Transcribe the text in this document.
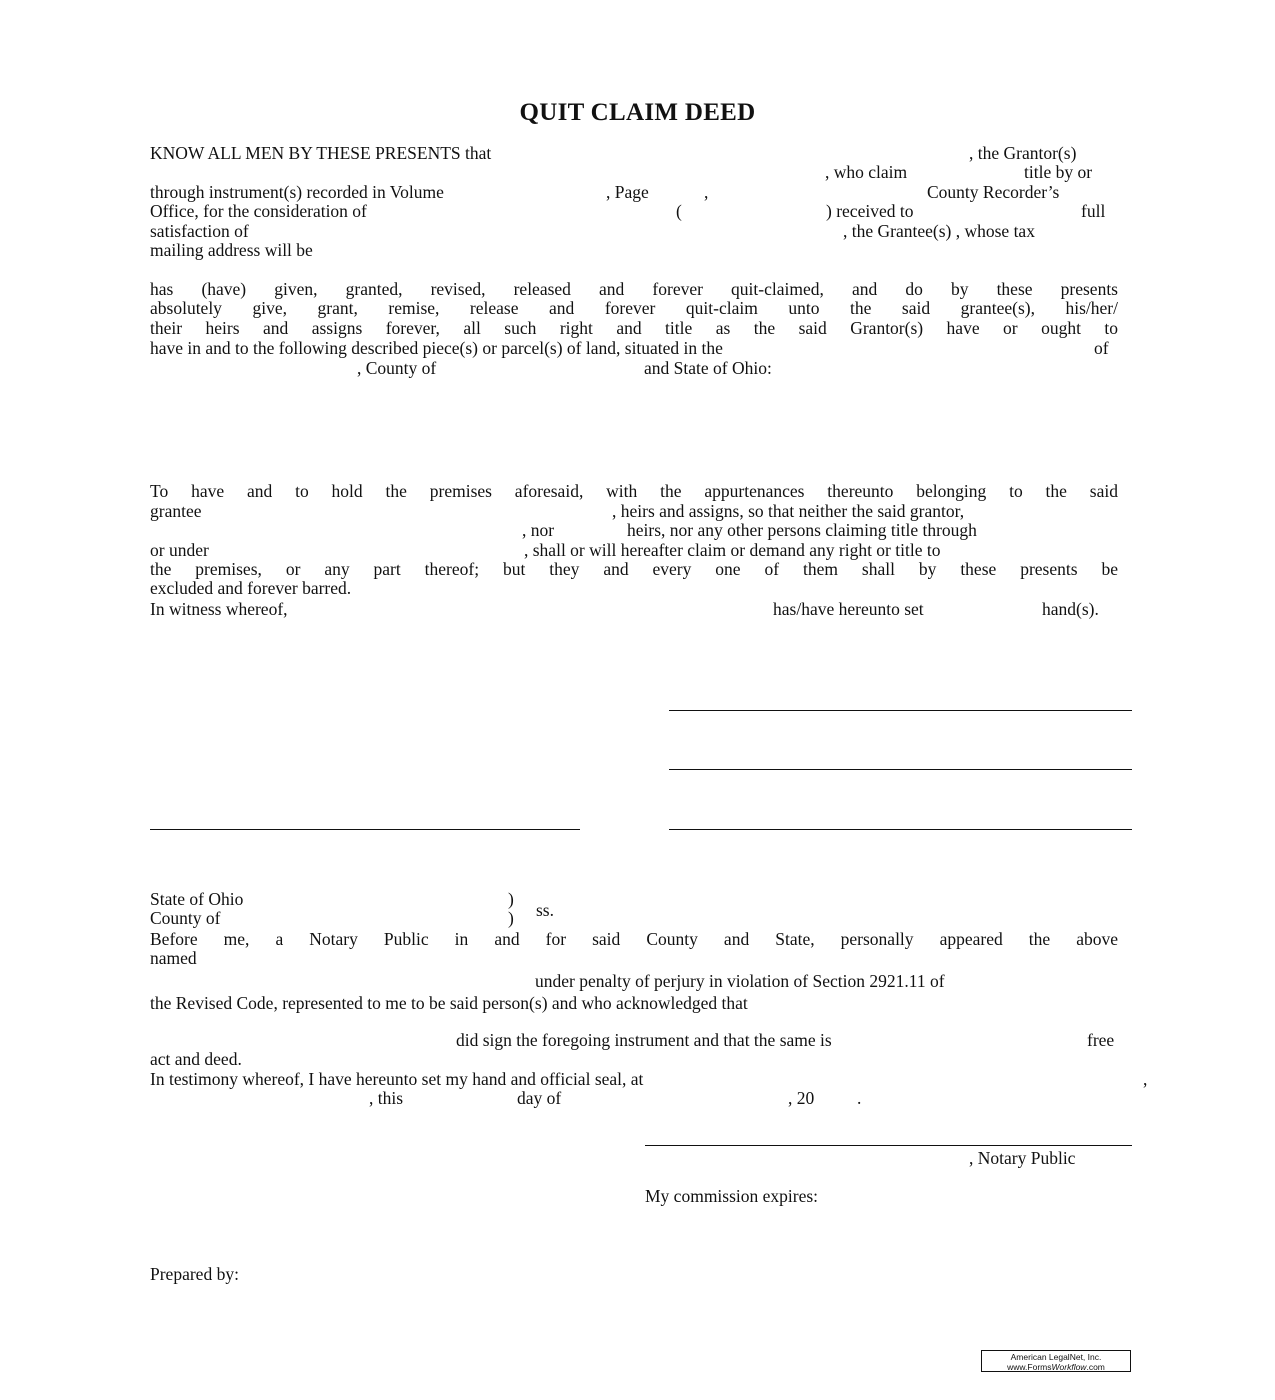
QUIT CLAIM DEED
KNOW ALL MEN BY THESE PRESENTS that	, the Grantor(s)
, who claim	title by or
through instrument(s) recorded in Volume	, Page	,	County Recorder’s
Office, for the consideration of	(	) received to	full
satisfaction of	, the Grantee(s) , whose tax
mailing address will be
has (have) given, granted, revised, released and forever quit-claimed, and do by these presents
absolutely give, grant, remise, release and forever quit-claim unto the said grantee(s), his/her/
their heirs and assigns forever, all such right and title as the said Grantor(s) have or ought to
have in and to the following described piece(s) or parcel(s) of land, situated in the	of
, County of	and State of Ohio:
To have and to hold the premises aforesaid, with the appurtenances thereunto belonging to the said
grantee	, heirs and assigns, so that neither the said grantor,
, nor	heirs, nor any other persons claiming title through
or under	, shall or will hereafter claim or demand any right or title to
the premises, or any part thereof; but they and every one of them shall by these presents be
excluded and forever barred.
In witness whereof,	has/have hereunto set	hand(s).
State of Ohio	)
ss.
County of	)
Before me, a Notary Public in and for said County and State, personally appeared the above
named
under penalty of perjury in violation of Section 2921.11 of
the Revised Code, represented to me to be said person(s) and who acknowledged that
did sign the foregoing instrument and that the same is	free
act and deed.
In testimony whereof, I have hereunto set my hand and official seal, at	,
, this	day of	, 20 .
, Notary Public
My commission expires:
Prepared by:
American LegalNet, Inc.
www.FormsWorkflow.com
